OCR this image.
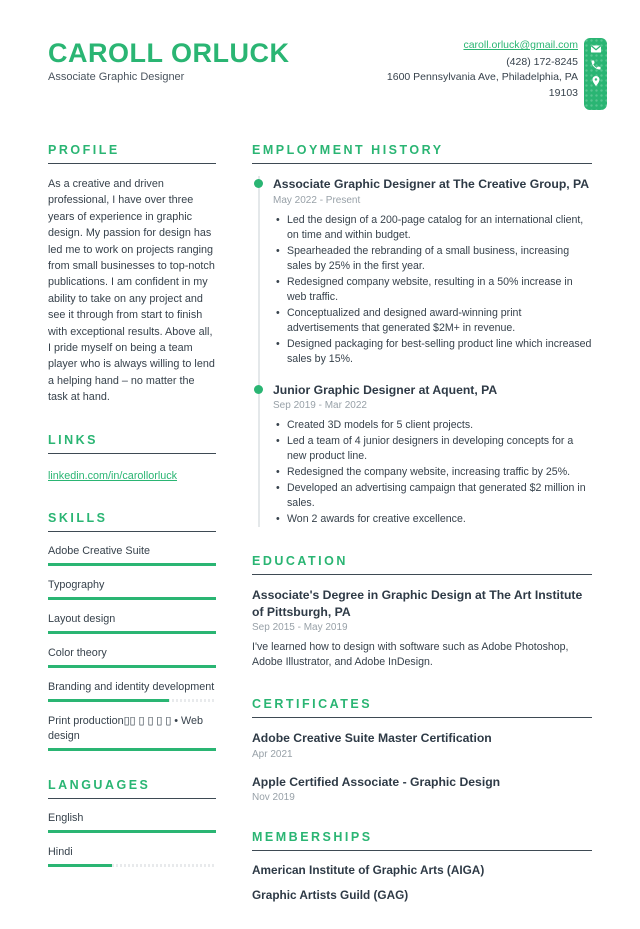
CAROLL ORLUCK
Associate Graphic Designer
caroll.orluck@gmail.com
(428) 172-8245
1600 Pennsylvania Ave, Philadelphia, PA
19103
PROFILE

As a creative and driven professional, I have over three years of experience in graphic design. My passion for design has led me to work on projects ranging from small businesses to top-notch publications. I am confident in my ability to take on any project and see it through from start to finish with exceptional results. Above all, I pride myself on being a team player who is always willing to lend a helping hand – no matter the task at hand.

LINKS
linkedin.com/in/carollorluck
SKILLS
Adobe Creative Suite
Typography
Layout design
Color theory
Branding and identity development
Print production▯▯ ▯ ▯ ▯ ▯ • Web design
LANGUAGES
English
Hindi
EMPLOYMENT HISTORY
Associate Graphic Designer at The Creative Group, PA
May 2022 - Present
• Led the design of a 200-page catalog for an international client, on time and within budget.
• Spearheaded the rebranding of a small business, increasing sales by 25% in the first year.
• Redesigned company website, resulting in a 50% increase in web traffic.
• Conceptualized and designed award-winning print advertisements that generated $2M+ in revenue.
• Designed packaging for best-selling product line which increased sales by 15%.
Junior Graphic Designer at Aquent, PA
Sep 2019 - Mar 2022
• Created 3D models for 5 client projects.
• Led a team of 4 junior designers in developing concepts for a new product line.
• Redesigned the company website, increasing traffic by 25%.
• Developed an advertising campaign that generated $2 million in sales.
• Won 2 awards for creative excellence.
EDUCATION
Associate's Degree in Graphic Design at The Art Institute of Pittsburgh, PA
Sep 2015 - May 2019
I've learned how to design with software such as Adobe Photoshop, Adobe Illustrator, and Adobe InDesign.
CERTIFICATES
Adobe Creative Suite Master Certification
Apr 2021
Apple Certified Associate - Graphic Design
Nov 2019
MEMBERSHIPS
American Institute of Graphic Arts (AIGA)
Graphic Artists Guild (GAG)
